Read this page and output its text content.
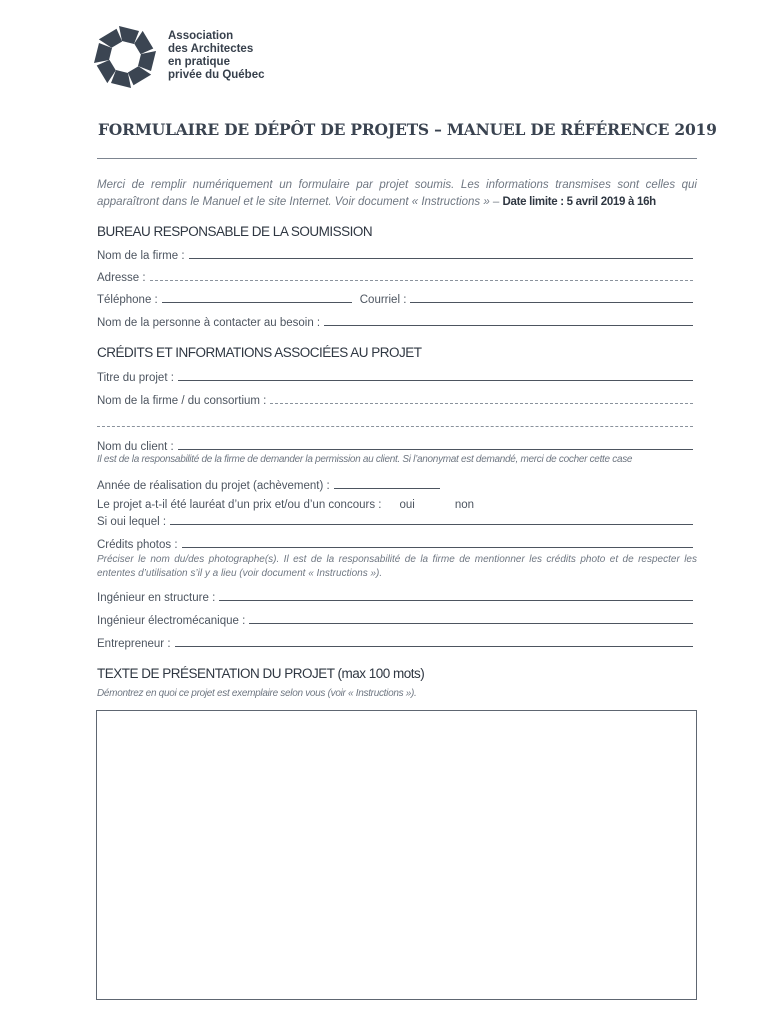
Association
des Architectes
en pratique
privée du Québec
FORMULAIRE DE DÉPÔT DE PROJETS – MANUEL DE RÉFÉRENCE 2019
Merci de remplir numériquement un formulaire par projet soumis. Les informations transmises sont celles qui apparaîtront dans le Manuel et le site Internet. Voir document « Instructions » – Date limite : 5 avril 2019 à 16h
BUREAU RESPONSABLE DE LA SOUMISSION
Nom de la firme :
Adresse :
Téléphone :	Courriel :
Nom de la personne à contacter au besoin :
CRÉDITS ET INFORMATIONS ASSOCIÉES AU PROJET
Titre du projet :
Nom de la firme / du consortium :
Nom du client :
Il est de la responsabilité de la firme de demander la permission au client. Si l’anonymat est demandé, merci de cocher cette case
Année de réalisation du projet (achèvement) :
Le projet a-t-il été lauréat d’un prix et/ou d’un concours :	oui	non
Si oui lequel :
Crédits photos :
Préciser le nom du/des photographe(s). Il est de la responsabilité de la firme de mentionner les crédits photo et de respecter les ententes d’utilisation s’il y a lieu (voir document « Instructions »).
Ingénieur en structure :
Ingénieur électromécanique :
Entrepreneur :
TEXTE DE PRÉSENTATION DU PROJET (max 100 mots)
Démontrez en quoi ce projet est exemplaire selon vous (voir « Instructions »).
